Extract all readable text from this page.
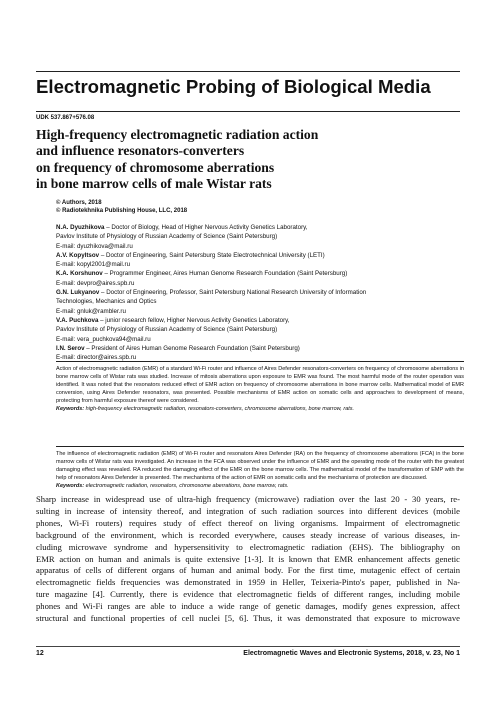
Electromagnetic Probing of Biological Media
UDK 537.867+576.08
High-frequency electromagnetic radiation action
and influence resonators-converters
on frequency of chromosome aberrations
in bone marrow cells of male Wistar rats
© Authors, 2018
© Radiotekhnika Publishing House, LLC, 2018
N.A. Dyuzhikova – Doctor of Biology, Head of Higher Nervous Activity Genetics Laboratory,
Pavlov Institute of Physiology of Russian Academy of Science (Saint Petersburg)
E-mail: dyuzhikova@mail.ru
A.V. Kopyltsov – Doctor of Engineering, Saint Petersburg State Electrotechnical University (LETI)
E-mail: kopyl2001@mail.ru
K.A. Korshunov – Programmer Engineer, Aires Human Genome Research Foundation (Saint Petersburg)
E-mail: devpro@aires.spb.ru
G.N. Lukyanov – Doctor of Engineering, Professor, Saint Petersburg National Research University of Information
Technologies, Mechanics and Optics
E-mail: gnluk@rambler.ru
V.A. Puchkova – junior research fellow, Higher Nervous Activity Genetics Laboratory,
Pavlov Institute of Physiology of Russian Academy of Science (Saint Petersburg)
E-mail: vera_puchkova94@mail.ru
I.N. Serov – President of Aires Human Genome Research Foundation (Saint Petersburg)
E-mail: director@aires.spb.ru

Action of electromagnetic radiation (EMR) of a standard Wi-Fi router and influence of Aires Defender resonators-converters on frequency of chromosome aberrations in bone marrow cells of Wistar rats was studied. Increase of mitosis aberrations upon exposure to EMR was found. The most harmful mode of the router operation was identified. It was noted that the resonators reduced effect of EMR action on frequency of chromosome aberrations in bone marrow cells. Mathematical model of EMR conversion, using Aires Defender resonators, was presented. Possible mechanisms of EMR action on somatic cells and approaches to development of means, protecting from harmful exposure thereof were considered.

Keywords: high-frequency electromagnetic radiation, resonators-converters, chromosome aberrations, bone marrow, rats.

The influence of electromagnetic radiation (EMR) of Wi-Fi router and resonators Aires Defender (RA) on the frequency of chromosome aberrations (FCA) in the bone marrow cells of Wistar rats was investigated. An increase in the FCA was observed under the influence of EMR and the operating mode of the router with the greatest damaging effect was revealed. RA reduced the damaging effect of the EMR on the bone marrow cells. The mathematical model of the transformation of EMP with the help of resonators Aires Defender is presented. The mechanisms of the action of EMR on somatic cells and the mechanisms of protection are discussed.

Keywords: electromagnetic radiation, resonators, chromosome aberrations, bone marrow, rats.

Sharp increase in widespread use of ultra-high frequency (microwave) radiation over the last 20 - 30 years, re-
sulting in increase of intensity thereof, and integration of such radiation sources into different devices (mobile
phones, Wi-Fi routers) requires study of effect thereof on living organisms. Impairment of electromagnetic
background of the environment, which is recorded everywhere, causes steady increase of various diseases, in-
cluding microwave syndrome and hypersensitivity to electromagnetic radiation (EHS). The bibliography on
EMR action on human and animals is quite extensive [1-3]. It is known that EMR enhancement affects genetic
apparatus of cells of different organs of human and animal body. For the first time, mutagenic effect of certain
electromagnetic fields frequencies was demonstrated in 1959 in Heller, Teixeria-Pinto's paper, published in Na-
ture magazine [4]. Currently, there is evidence that electromagnetic fields of different ranges, including mobile
phones and Wi-Fi ranges are able to induce a wide range of genetic damages, modify genes expression, affect
structural and functional properties of cell nuclei [5, 6]. Thus, it was demonstrated that exposure to microwave
12	Electromagnetic Waves and Electronic Systems, 2018, v. 23, No 1
